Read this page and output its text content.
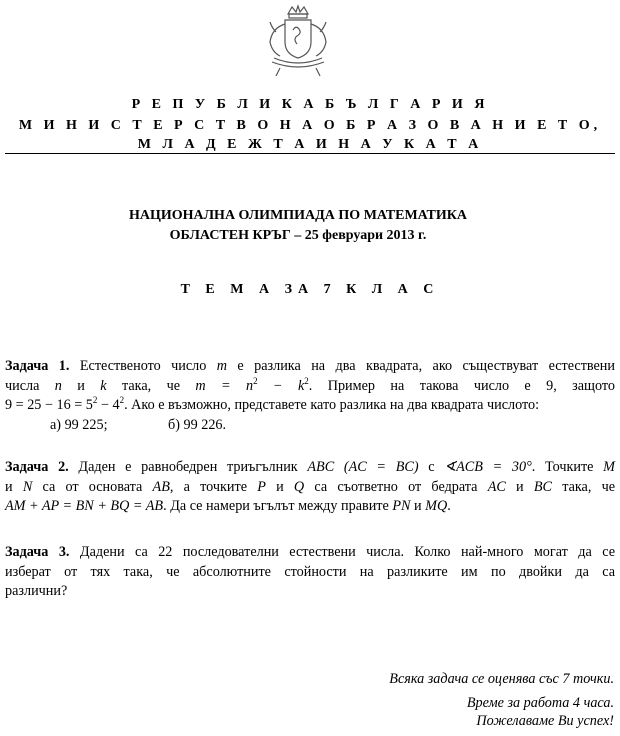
Р Е П У Б Л И К А Б Ъ Л Г А Р И Я
М И Н И С Т Е Р С Т В О Н А О Б Р А З О В А Н И Е Т О,
М Л А Д Е Ж Т А И Н А У К А Т А
НАЦИОНАЛНА ОЛИМПИАДА ПО МАТЕМАТИКА
ОБЛАСТЕН КРЪГ – 25 февруари 2013 г.
Т Е М А ЗА 7 К Л А С
Задача 1. Естественото число m е разлика на два квадрата, ако съществуват естествени
числа n и k така, че $m = n^2 - k^2$. Пример на такова число е 9, защото
$9 = 25 - 16 = 5^2 - 4^2$. Ако е възможно, представете като разлика на два квадрата числото:
а) 99 225;	б) 99 226.
Задача 2. Даден е равнобедрен триъгълник ABC (AC = BC) с ∢ACB = 30°. Точките M
и N са от основата AB, а точките P и Q са съответно от бедрата AC и BC така, че
AM + AP = BN + BQ = AB. Да се намери ъгълът между правите PN и MQ.
Задача 3. Дадени са 22 последователни естествени числа. Колко най-много могат да се
изберат от тях така, че абсолютните стойности на разликите им по двойки да са
различни?
Всяка задача се оценява със 7 точки.
Време за работа 4 часа.
Пожелаваме Ви успех!
